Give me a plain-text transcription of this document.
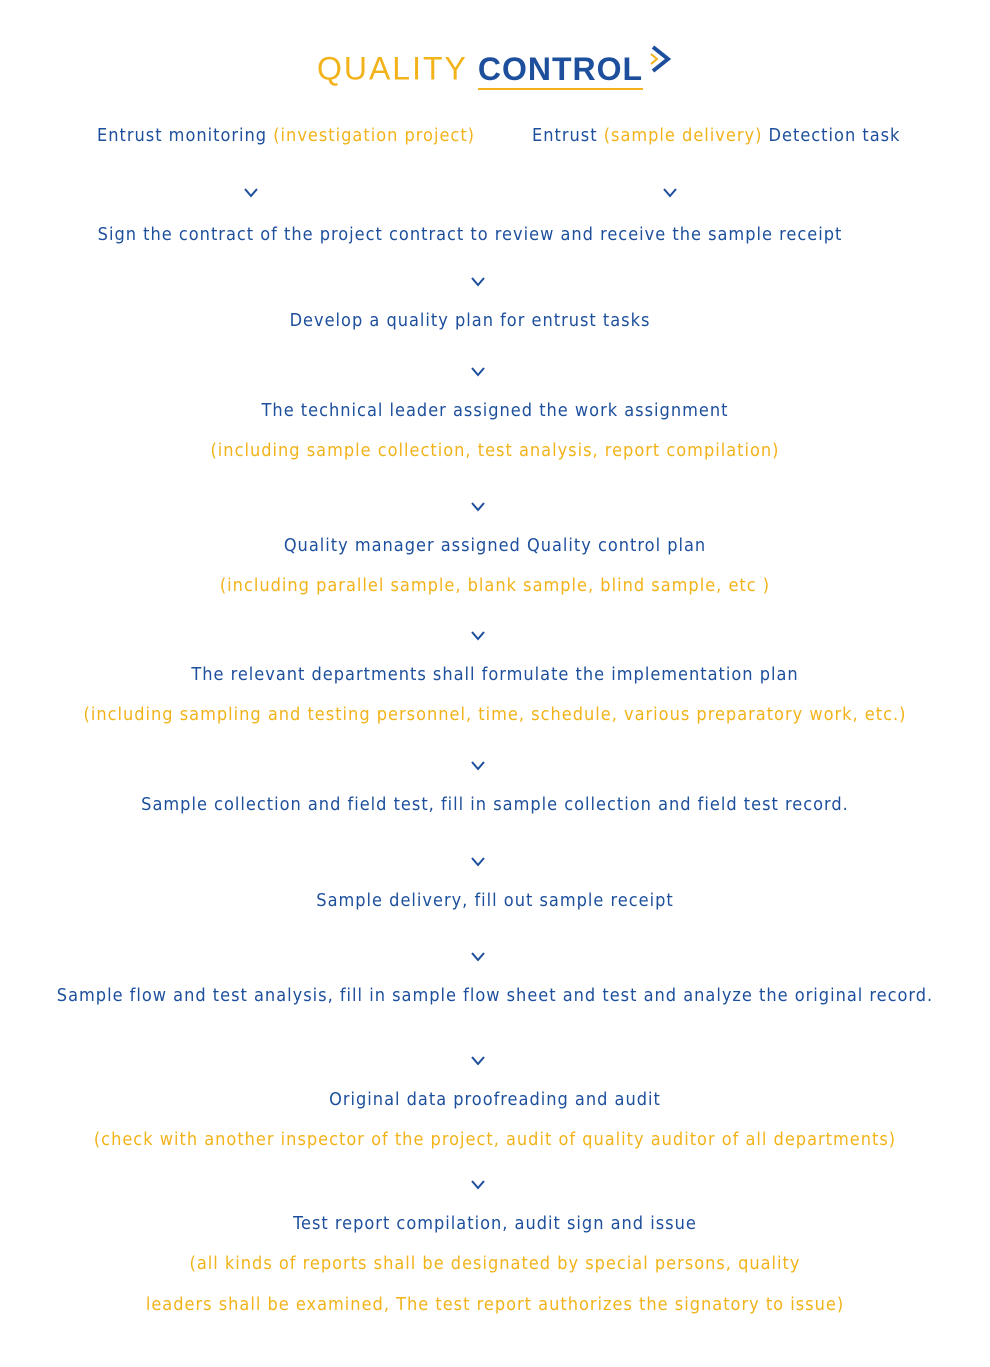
QUALITY CONTROL
Entrust monitoring (investigation project)	Entrust (sample delivery) Detection task
Sign the contract of the project contract to review and receive the sample receipt
Develop a quality plan for entrust tasks
The technical leader assigned the work assignment
(including sample collection, test analysis, report compilation)
Quality manager assigned Quality control plan
(including parallel sample, blank sample, blind sample, etc )
The relevant departments shall formulate the implementation plan
(including sampling and testing personnel, time, schedule, various preparatory work, etc.)
Sample collection and field test, fill in sample collection and field test record.
Sample delivery, fill out sample receipt
Sample flow and test analysis, fill in sample flow sheet and test and analyze the original record.
Original data proofreading and audit
(check with another inspector of the project, audit of quality auditor of all departments)
Test report compilation, audit sign and issue
(all kinds of reports shall be designated by special persons, quality
leaders shall be examined, The test report authorizes the signatory to issue)
